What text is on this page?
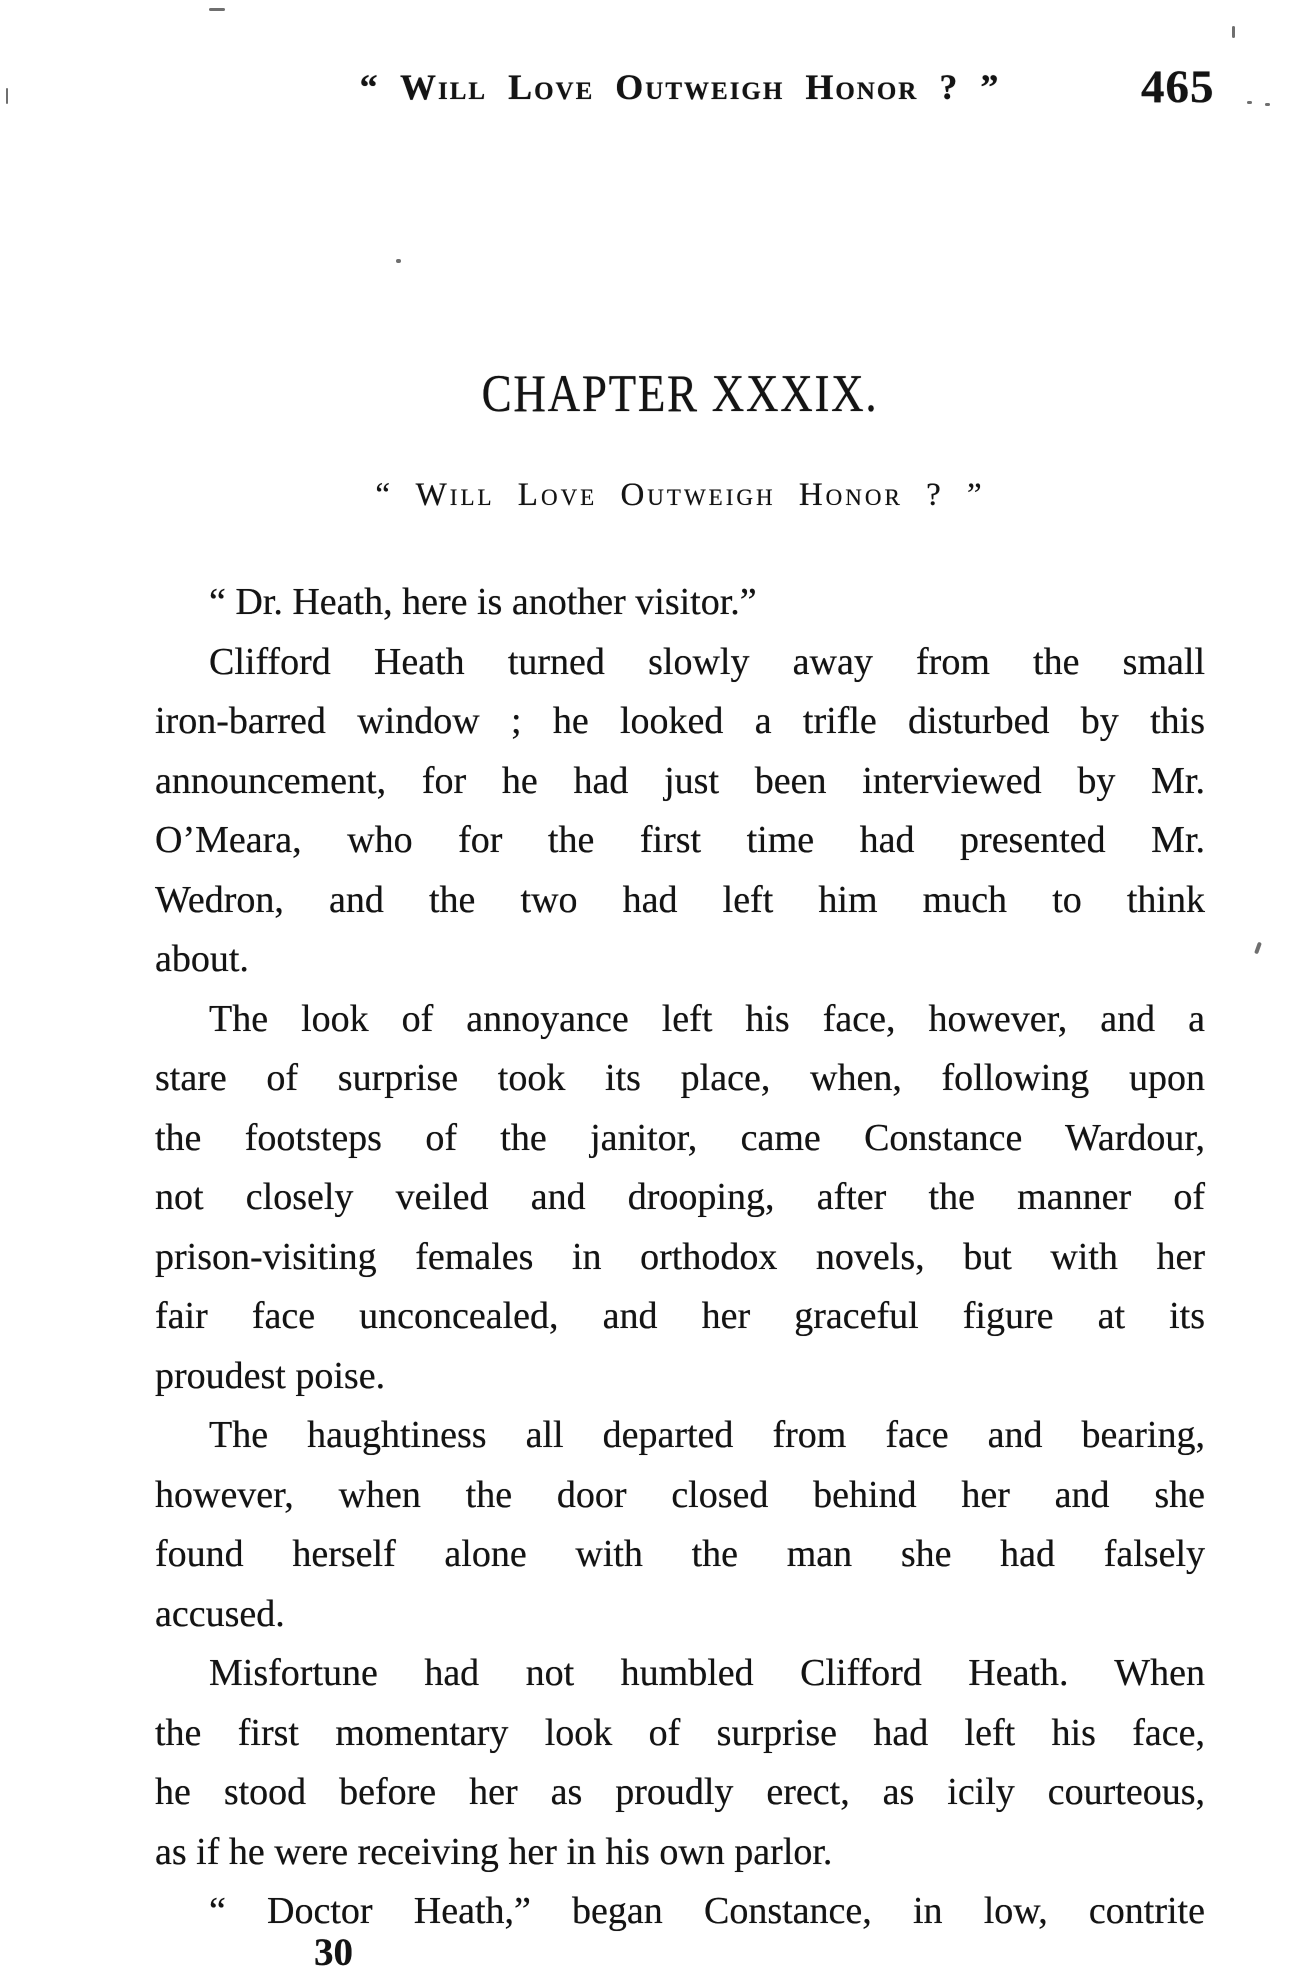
“ Will Love Outweigh Honor ? ”	465
CHAPTER XXXIX.
“ Will Love Outweigh Honor ? ”
“ Dr. Heath, here is another visitor.”
Clifford Heath turned slowly away from the small
iron-barred window ; he looked a trifle disturbed by this
announcement, for he had just been interviewed by Mr.
O’Meara, who for the first time had presented Mr.
Wedron, and the two had left him much to think
about.
The look of annoyance left his face, however, and a
stare of surprise took its place, when, following upon
the footsteps of the janitor, came Constance Wardour,
not closely veiled and drooping, after the manner of
prison-visiting females in orthodox novels, but with her
fair face unconcealed, and her graceful figure at its
proudest poise.
The haughtiness all departed from face and bearing,
however, when the door closed behind her and she
found herself alone with the man she had falsely
accused.
Misfortune had not humbled Clifford Heath. When
the first momentary look of surprise had left his face,
he stood before her as proudly erect, as icily courteous,
as if he were receiving her in his own parlor.
“ Doctor Heath,” began Constance, in low, contrite
30
